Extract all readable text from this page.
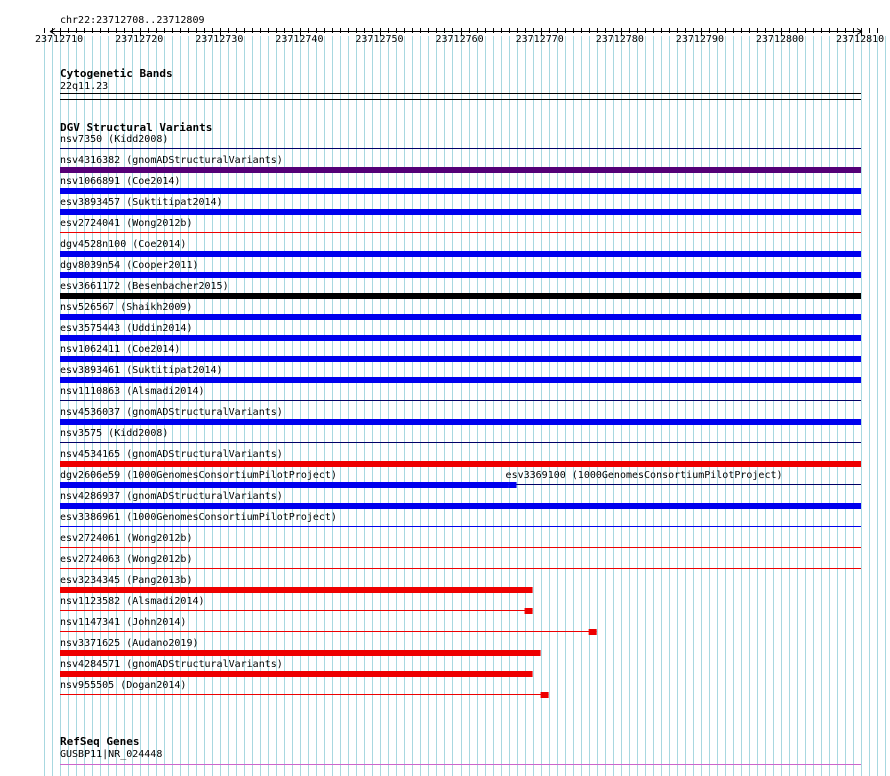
chr22:23712708..23712809
23712710	23712720	23712730	23712740	23712750	23712760	23712770	23712780	23712790	23712800	23712810
Cytogenetic Bands
22q11.23
DGV Structural Variants
nsv7350 (Kidd2008)
nsv4316382 (gnomADStructuralVariants)
nsv1066891 (Coe2014)
esv3893457 (Suktitipat2014)
esv2724041 (Wong2012b)
dgv4528n100 (Coe2014)
dgv8039n54 (Cooper2011)
esv3661172 (Besenbacher2015)
nsv526567 (Shaikh2009)
esv3575443 (Uddin2014)
nsv1062411 (Coe2014)
esv3893461 (Suktitipat2014)
nsv1110863 (Alsmadi2014)
nsv4536037 (gnomADStructuralVariants)
nsv3575 (Kidd2008)
nsv4534165 (gnomADStructuralVariants)
dgv2606e59 (1000GenomesConsortiumPilotProject)	esv3369100 (1000GenomesConsortiumPilotProject)
nsv4286937 (gnomADStructuralVariants)
esv3386961 (1000GenomesConsortiumPilotProject)
esv2724061 (Wong2012b)
esv2724063 (Wong2012b)
esv3234345 (Pang2013b)
nsv1123582 (Alsmadi2014)
nsv1147341 (John2014)
nsv3371625 (Audano2019)
nsv4284571 (gnomADStructuralVariants)
nsv955505 (Dogan2014)
RefSeq Genes
GUSBP11|NR_024448
